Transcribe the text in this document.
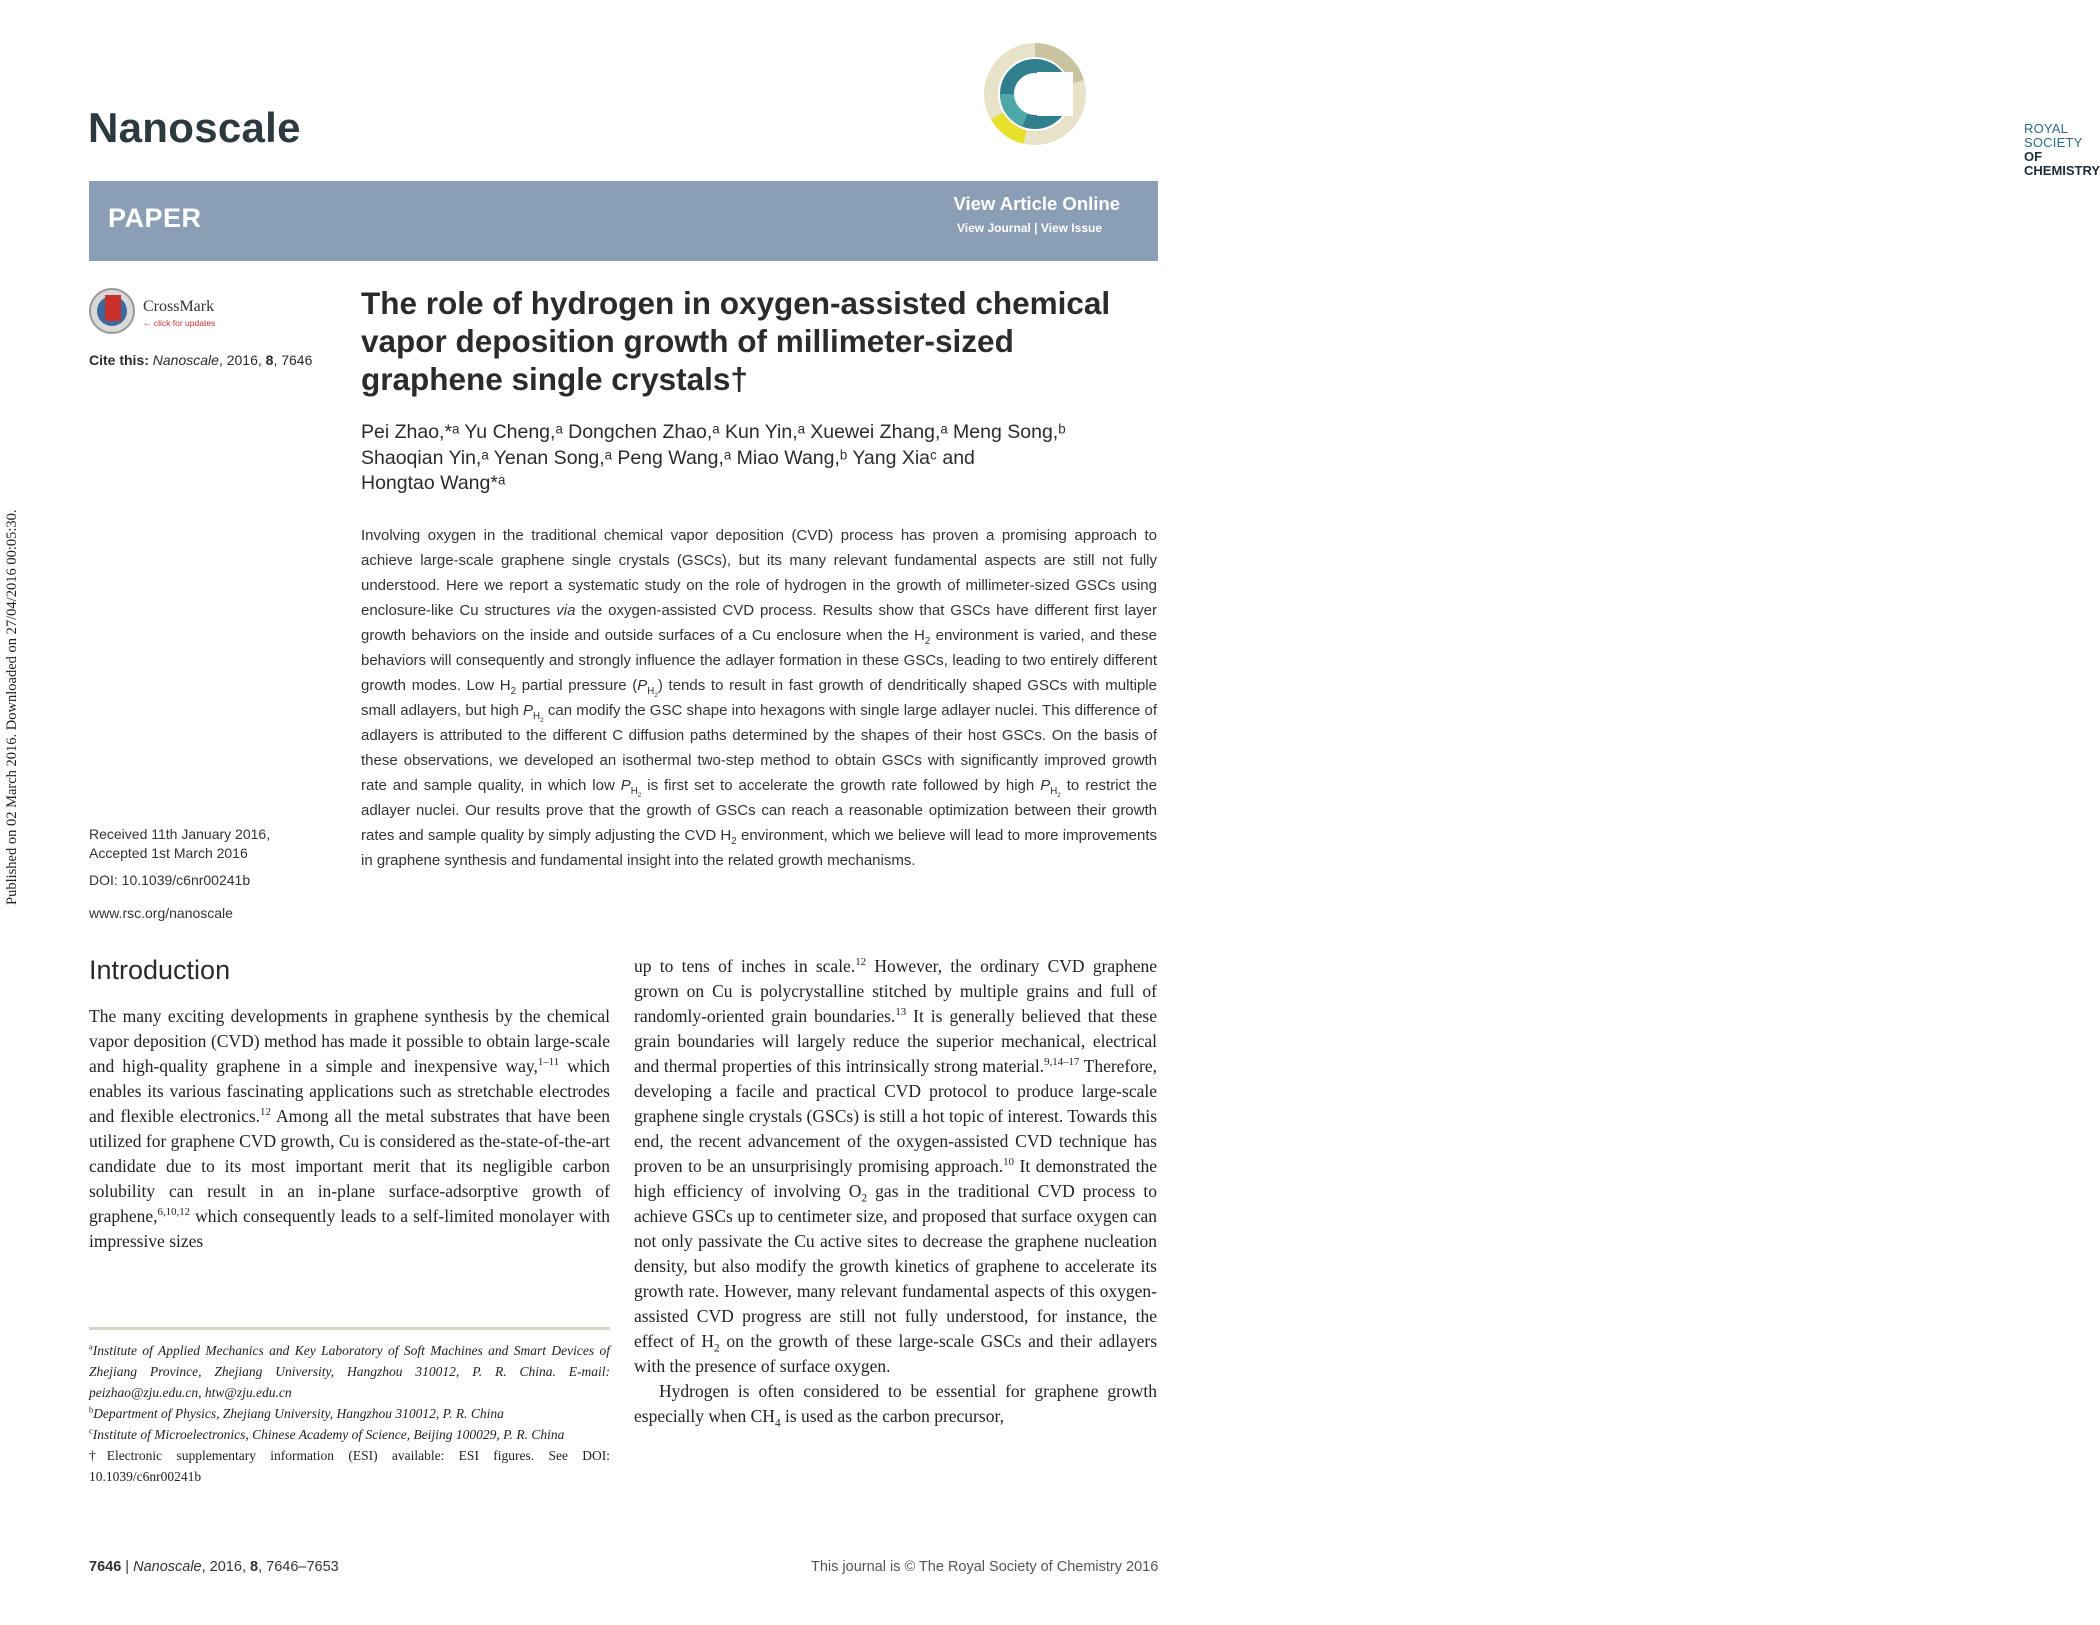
Published on 02 March 2016. Downloaded on 27/04/2016 00:05:30.
Nanoscale	ROYAL SOCIETY
OF CHEMISTRY
PAPER	View Article Online
View Journal | View Issue
CrossMark
← click for updates
Cite this: Nanoscale, 2016, 8, 7646
The role of hydrogen in oxygen-assisted chemical vapor deposition growth of millimeter-sized graphene single crystals†
Pei Zhao,*ᵃ Yu Cheng,ᵃ Dongchen Zhao,ᵃ Kun Yin,ᵃ Xuewei Zhang,ᵃ Meng Song,ᵇ
Shaoqian Yin,ᵃ Yenan Song,ᵃ Peng Wang,ᵃ Miao Wang,ᵇ Yang Xiaᶜ and
Hongtao Wang*ᵃ
Involving oxygen in the traditional chemical vapor deposition (CVD) process has proven a promising approach to achieve large-scale graphene single crystals (GSCs), but its many relevant fundamental aspects are still not fully understood. Here we report a systematic study on the role of hydrogen in the growth of millimeter-sized GSCs using enclosure-like Cu structures via the oxygen-assisted CVD process. Results show that GSCs have different first layer growth behaviors on the inside and outside surfaces of a Cu enclosure when the $H_2$ environment is varied, and these behaviors will consequently and strongly influence the adlayer formation in these GSCs, leading to two entirely different growth modes. Low $H_2$ partial pressure $(P_{H_2})$ tends to result in fast growth of dendritically shaped GSCs with multiple small adlayers, but high $P_{H_2}$ can modify the GSC shape into hexagons with single large adlayer nuclei. This difference of adlayers is attributed to the different C diffusion paths determined by the shapes of their host GSCs. On the basis of these observations, we developed an isothermal two-step method to obtain GSCs with significantly improved growth rate and sample quality, in which low $P_{H_2}$ is first set to accelerate the growth rate followed by high $P_{H_2}$ to restrict the adlayer nuclei. Our results prove that the growth of GSCs can reach a reasonable optimization between their growth rates and sample quality by simply adjusting the CVD $H_2$ environment, which we believe will lead to more improvements in graphene synthesis and fundamental insight into the related growth mechanisms.
Received 11th January 2016,
Accepted 1st March 2016
DOI: 10.1039/c6nr00241b
www.rsc.org/nanoscale
Introduction
The many exciting developments in graphene synthesis by the chemical vapor deposition (CVD) method has made it possible to obtain large-scale and high-quality graphene in a simple and inexpensive way,$^{1-11}$ which enables its various fascinating applications such as stretchable electrodes and flexible electronics.$^{12}$ Among all the metal substrates that have been utilized for graphene CVD growth, Cu is considered as the-state-of-the-art candidate due to its most important merit that its negligible carbon solubility can result in an in-plane surface-adsorptive growth of graphene,$^{6,10,12}$ which consequently leads to a self-limited monolayer with impressive sizes
up to tens of inches in scale.$^{12}$ However, the ordinary CVD graphene grown on Cu is polycrystalline stitched by multiple grains and full of randomly-oriented grain boundaries.$^{13}$ It is generally believed that these grain boundaries will largely reduce the superior mechanical, electrical and thermal properties of this intrinsically strong material.$^{9,14-17}$ Therefore, developing a facile and practical CVD protocol to produce large-scale graphene single crystals (GSCs) is still a hot topic of interest. Towards this end, the recent advancement of the oxygen-assisted CVD technique has proven to be an unsurprisingly promising approach.$^{10}$ It demonstrated the high efficiency of involving $O_2$ gas in the traditional CVD process to achieve GSCs up to centimeter size, and proposed that surface oxygen can not only passivate the Cu active sites to decrease the graphene nucleation density, but also modify the growth kinetics of graphene to accelerate its growth rate. However, many relevant fundamental aspects of this oxygen-assisted CVD progress are still not fully understood, for instance, the effect of $H_2$ on the growth of these large-scale GSCs and their adlayers with the presence of surface oxygen.
Hydrogen is often considered to be essential for graphene growth especially when $CH_4$ is used as the carbon precursor,
$^a$Institute of Applied Mechanics and Key Laboratory of Soft Machines and Smart Devices of Zhejiang Province, Zhejiang University, Hangzhou 310012, P. R. China. E-mail: peizhao@zju.edu.cn, htw@zju.edu.cn
$^b$Department of Physics, Zhejiang University, Hangzhou 310012, P. R. China
$^c$Institute of Microelectronics, Chinese Academy of Science, Beijing 100029, P. R. China
†Electronic supplementary information (ESI) available: ESI figures. See DOI: 10.1039/c6nr00241b
7646 | Nanoscale, 2016, 8, 7646–7653	This journal is © The Royal Society of Chemistry 2016
